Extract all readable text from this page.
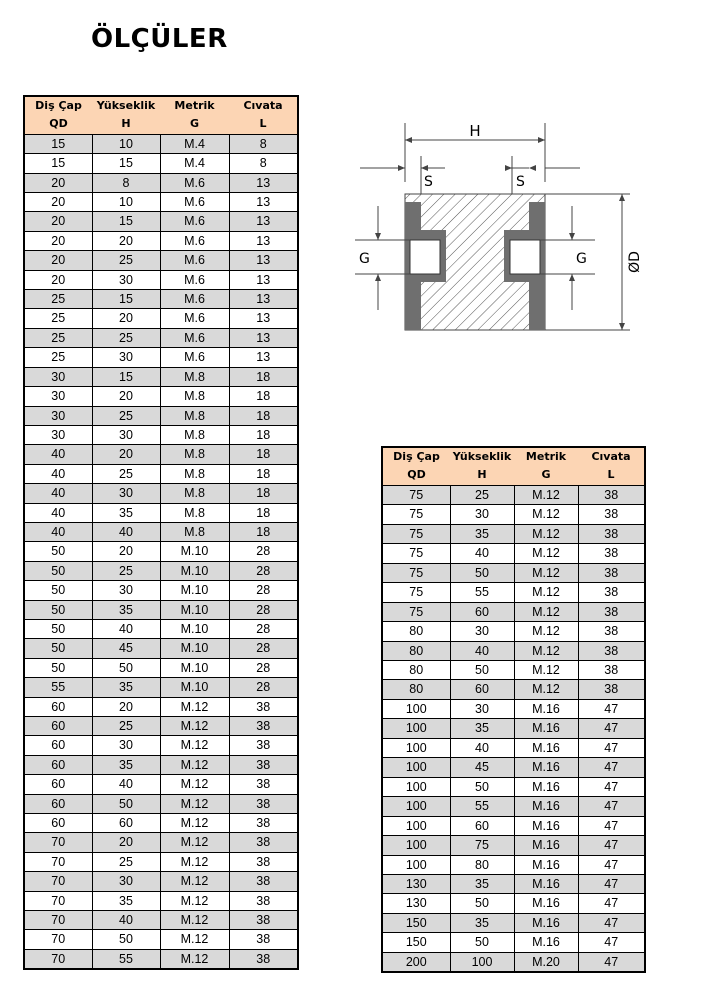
ÖLÇÜLER
Diş Çap	Yükseklik	Metrik	Cıvata
QD	H	G	L
15	10	M.4	8
15	15	M.4	8
20	8	M.6	13
20	10	M.6	13
20	15	M.6	13
20	20	M.6	13
20	25	M.6	13
20	30	M.6	13
25	15	M.6	13
25	20	M.6	13
25	25	M.6	13
25	30	M.6	13
30	15	M.8	18
30	20	M.8	18
30	25	M.8	18
30	30	M.8	18
40	20	M.8	18
40	25	M.8	18
40	30	M.8	18
40	35	M.8	18
40	40	M.8	18
50	20	M.10	28
50	25	M.10	28
50	30	M.10	28
50	35	M.10	28
50	40	M.10	28
50	45	M.10	28
50	50	M.10	28
55	35	M.10	28
60	20	M.12	38
60	25	M.12	38
60	30	M.12	38
60	35	M.12	38
60	40	M.12	38
60	50	M.12	38
60	60	M.12	38
70	20	M.12	38
70	25	M.12	38
70	30	M.12	38
70	35	M.12	38
70	40	M.12	38
70	50	M.12	38
70	55	M.12	38
H
S	S
G	G	ØD
Diş Çap	Yükseklik	Metrik	Cıvata
QD	H	G	L
75	25	M.12	38
75	30	M.12	38
75	35	M.12	38
75	40	M.12	38
75	50	M.12	38
75	55	M.12	38
75	60	M.12	38
80	30	M.12	38
80	40	M.12	38
80	50	M.12	38
80	60	M.12	38
100	30	M.16	47
100	35	M.16	47
100	40	M.16	47
100	45	M.16	47
100	50	M.16	47
100	55	M.16	47
100	60	M.16	47
100	75	M.16	47
100	80	M.16	47
130	35	M.16	47
130	50	M.16	47
150	35	M.16	47
150	50	M.16	47
200	100	M.20	47
